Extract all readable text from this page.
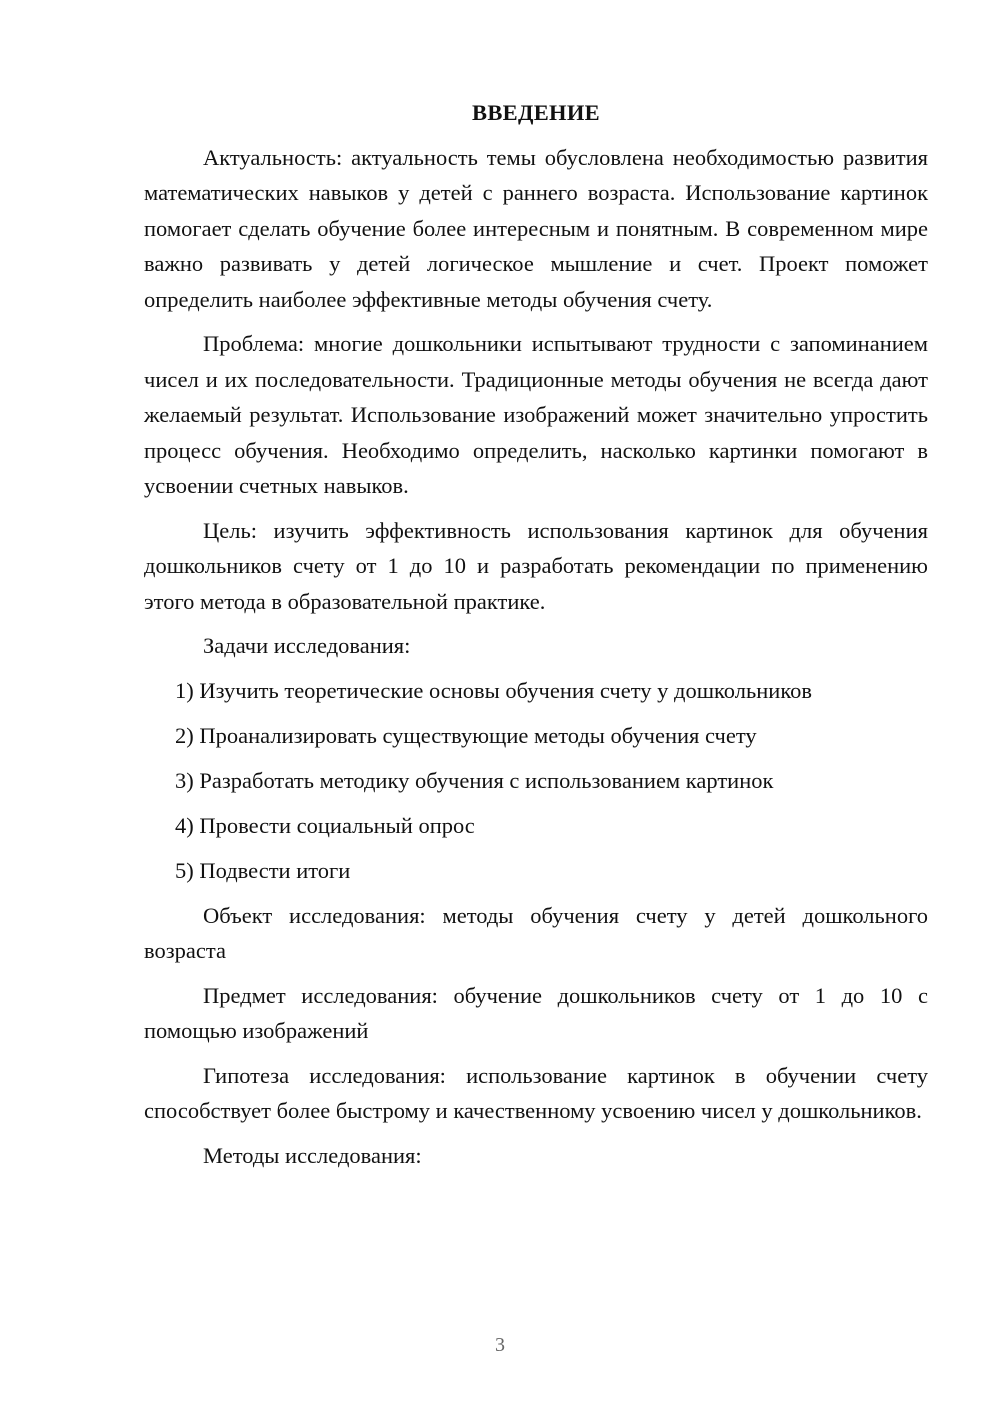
ВВЕДЕНИЕ

Актуальность: актуальность темы обусловлена необходимостью развития математических навыков у детей с раннего возраста. Использование картинок помогает сделать обучение более интересным и понятным. В современном мире важно развивать у детей логическое мышление и счет. Проект поможет определить наиболее эффективные методы обучения счету.

Проблема: многие дошкольники испытывают трудности с запоминанием чисел и их последовательности. Традиционные методы обучения не всегда дают желаемый результат. Использование изображений может значительно упростить процесс обучения. Необходимо определить, насколько картинки помогают в усвоении счетных навыков.

Цель: изучить эффективность использования картинок для обучения дошкольников счету от 1 до 10 и разработать рекомендации по применению этого метода в образовательной практике.

Задачи исследования:

1) Изучить теоретические основы обучения счету у дошкольников

2) Проанализировать существующие методы обучения счету

3) Разработать методику обучения с использованием картинок

4) Провести социальный опрос

5) Подвести итоги

Объект исследования: методы обучения счету у детей дошкольного возраста

Предмет исследования: обучение дошкольников счету от 1 до 10 с помощью изображений

Гипотеза исследования: использование картинок в обучении счету способствует более быстрому и качественному усвоению чисел у дошкольников.

Методы исследования:

3
